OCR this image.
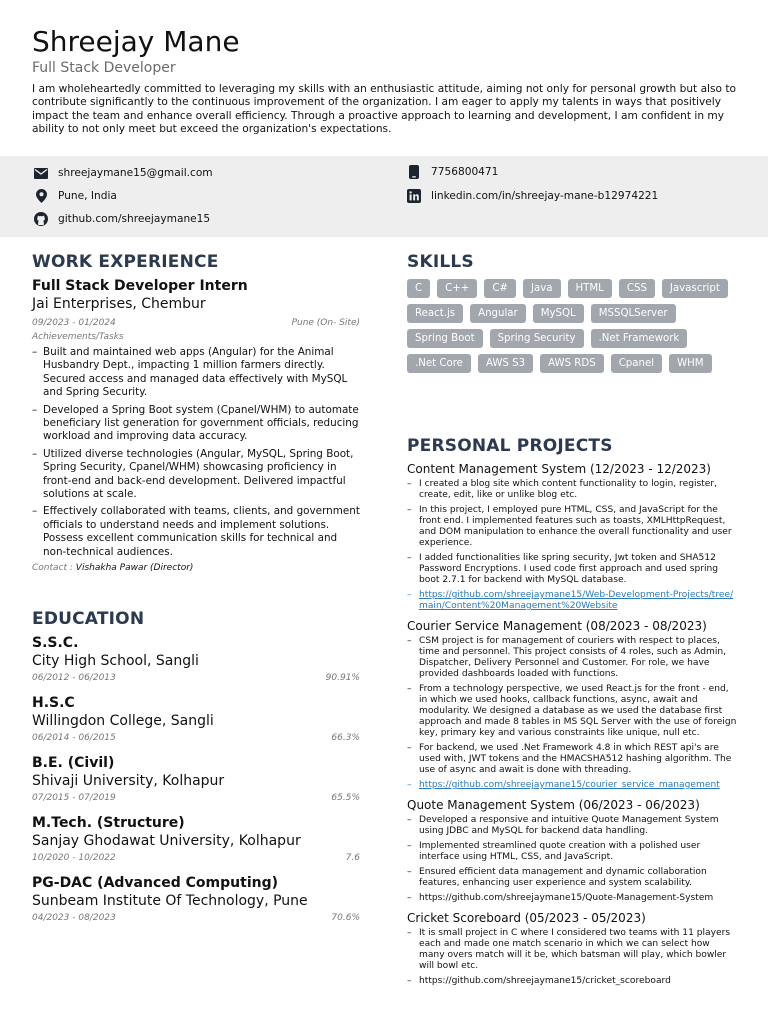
Shreejay Mane
Full Stack Developer
I am wholeheartedly committed to leveraging my skills with an enthusiastic attitude, aiming not only for personal growth but also to contribute significantly to the continuous improvement of the organization. I am eager to apply my talents in ways that positively impact the team and enhance overall efficiency. Through a proactive approach to learning and development, I am confident in my ability to not only meet but exceed the organization's expectations.
shreejaymane15@gmail.com	7756800471
Pune, India	linkedin.com/in/shreejay-mane-b12974221
github.com/shreejaymane15
WORK EXPERIENCE
Full Stack Developer Intern
Jai Enterprises, Chembur
09/2023 - 01/2024	Pune (On- Site)
Achievements/Tasks
– Built and maintained web apps (Angular) for the Animal Husbandry Dept., impacting 1 million farmers directly. Secured access and managed data effectively with MySQL and Spring Security.
– Developed a Spring Boot system (Cpanel/WHM) to automate beneficiary list generation for government officials, reducing workload and improving data accuracy.
– Utilized diverse technologies (Angular, MySQL, Spring Boot, Spring Security, Cpanel/WHM) showcasing proficiency in front-end and back-end development. Delivered impactful solutions at scale.
– Effectively collaborated with teams, clients, and government officials to understand needs and implement solutions. Possess excellent communication skills for technical and non-technical audiences.
Contact : Vishakha Pawar (Director)
EDUCATION
S.S.C.
City High School, Sangli
06/2012 - 06/2013	90.91%
H.S.C
Willingdon College, Sangli
06/2014 - 06/2015	66.3%
B.E. (Civil)
Shivaji University, Kolhapur
07/2015 - 07/2019	65.5%
M.Tech. (Structure)
Sanjay Ghodawat University, Kolhapur
10/2020 - 10/2022	7.6
PG-DAC (Advanced Computing)
Sunbeam Institute Of Technology, Pune
04/2023 - 08/2023	70.6%
SKILLS
C	C++	C#	Java	HTML	CSS	Javascript
React.js	Angular	MySQL	MSSQLServer
Spring Boot	Spring Security	.Net Framework
.Net Core	AWS S3	AWS RDS	Cpanel	WHM
PERSONAL PROJECTS
Content Management System (12/2023 - 12/2023)
– I created a blog site which content functionality to login, register, create, edit, like or unlike blog etc.
– In this project, I employed pure HTML, CSS, and JavaScript for the front end. I implemented features such as toasts, XMLHttpRequest, and DOM manipulation to enhance the overall functionality and user experience.
– I added functionalities like spring security, Jwt token and SHA512 Password Encryptions. I used code first approach and used spring boot 2.7.1 for backend with MySQL database.
– https://github.com/shreejaymane15/Web-Development-Projects/tree/main/Content%20Management%20Website
Courier Service Management (08/2023 - 08/2023)
– CSM project is for management of couriers with respect to places, time and personnel. This project consists of 4 roles, such as Admin, Dispatcher, Delivery Personnel and Customer. For role, we have provided dashboards loaded with functions.
– From a technology perspective, we used React.js for the front - end, in which we used hooks, callback functions, async, await and modularity. We designed a database as we used the database first approach and made 8 tables in MS SQL Server with the use of foreign key, primary key and various constraints like unique, null etc.
– For backend, we used .Net Framework 4.8 in which REST api's are used with, JWT tokens and the HMACSHA512 hashing algorithm. The use of async and await is done with threading.
– https://github.com/shreejaymane15/courier_service_management
Quote Management System (06/2023 - 06/2023)
– Developed a responsive and intuitive Quote Management System using JDBC and MySQL for backend data handling.
– Implemented streamlined quote creation with a polished user interface using HTML, CSS, and JavaScript.
– Ensured efficient data management and dynamic collaboration features, enhancing user experience and system scalability.
– https://github.com/shreejaymane15/Quote-Management-System
Cricket Scoreboard (05/2023 - 05/2023)
– It is small project in C where I considered two teams with 11 players each and made one match scenario in which we can select how many overs match will it be, which batsman will play, which bowler will bowl etc.
– https://github.com/shreejaymane15/cricket_scoreboard
